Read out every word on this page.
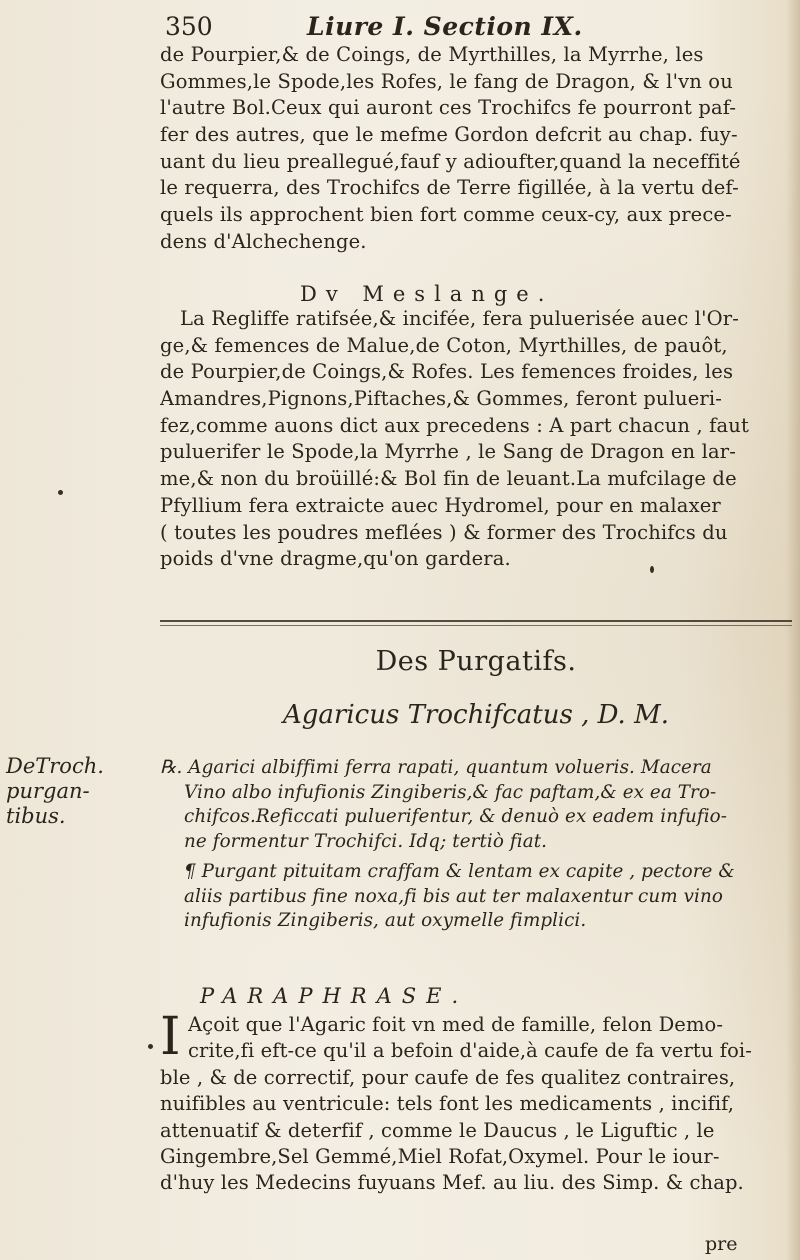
350	Liure I. Section IX.
de Pourpier,& de Coings, de Myrthilles, la Myrrhe, les
Gommes,le Spode,les Rofes, le fang de Dragon, & l'vn ou
l'autre Bol.Ceux qui auront ces Trochifcs fe pourront paf-
fer des autres, que le mefme Gordon defcrit au chap. fuy-
uant du lieu preallegué,fauf y adioufter,quand la neceffité
le requerra, des Trochifcs de Terre figillée, à la vertu def-
quels ils approchent bien fort comme ceux-cy, aux prece-
dens d'Alchechenge.
Dv Meslange.
La Regliffe ratifsée,& incifée, fera puluerisée auec l'Or-
ge,& femences de Malue,de Coton, Myrthilles, de pauôt,
de Pourpier,de Coings,& Rofes. Les femences froides, les
Amandres,Pignons,Piftaches,& Gommes, feront pulueri-
fez,comme auons dict aux precedens : A part chacun , faut
puluerifer le Spode,la Myrrhe , le Sang de Dragon en lar-
me,& non du broüillé:& Bol fin de leuant.La mufcilage de
Pfyllium fera extraicte auec Hydromel, pour en malaxer
( toutes les poudres meflées ) & former des Trochifcs du
poids d'vne dragme,qu'on gardera.
Des Purgatifs.
Agaricus Trochifcatus , D. M.
DeTroch.
purgan-
tibus.
℞. Agarici albiffimi ferra rapati, quantum volueris. Macera
Vino albo infufionis Zingiberis,& fac paftam,& ex ea Tro-
chifcos.Reficcati puluerifentur, & denuò ex eadem infufio-
ne formentur Trochifci. Idq; tertiò fiat.
¶ Purgant pituitam craffam & lentam ex capite , pectore &
aliis partibus fine noxa,fi bis aut ter malaxentur cum vino
infufionis Zingiberis, aut oxymelle fimplici.
PARAPHRASE.
I Açoit que l'Agaric foit vn med de famille, felon Demo-
crite,fi eft-ce qu'il a befoin d'aide,à caufe de fa vertu foi-
ble , & de correctif, pour caufe de fes qualitez contraires,
nuifibles au ventricule: tels font les medicaments , incifif,
attenuatif & deterfif , comme le Daucus , le Liguftic , le
Gingembre,Sel Gemmé,Miel Rofat,Oxymel. Pour le iour-
d'huy les Medecins fuyuans Mef. au liu. des Simp. & chap.
pre
